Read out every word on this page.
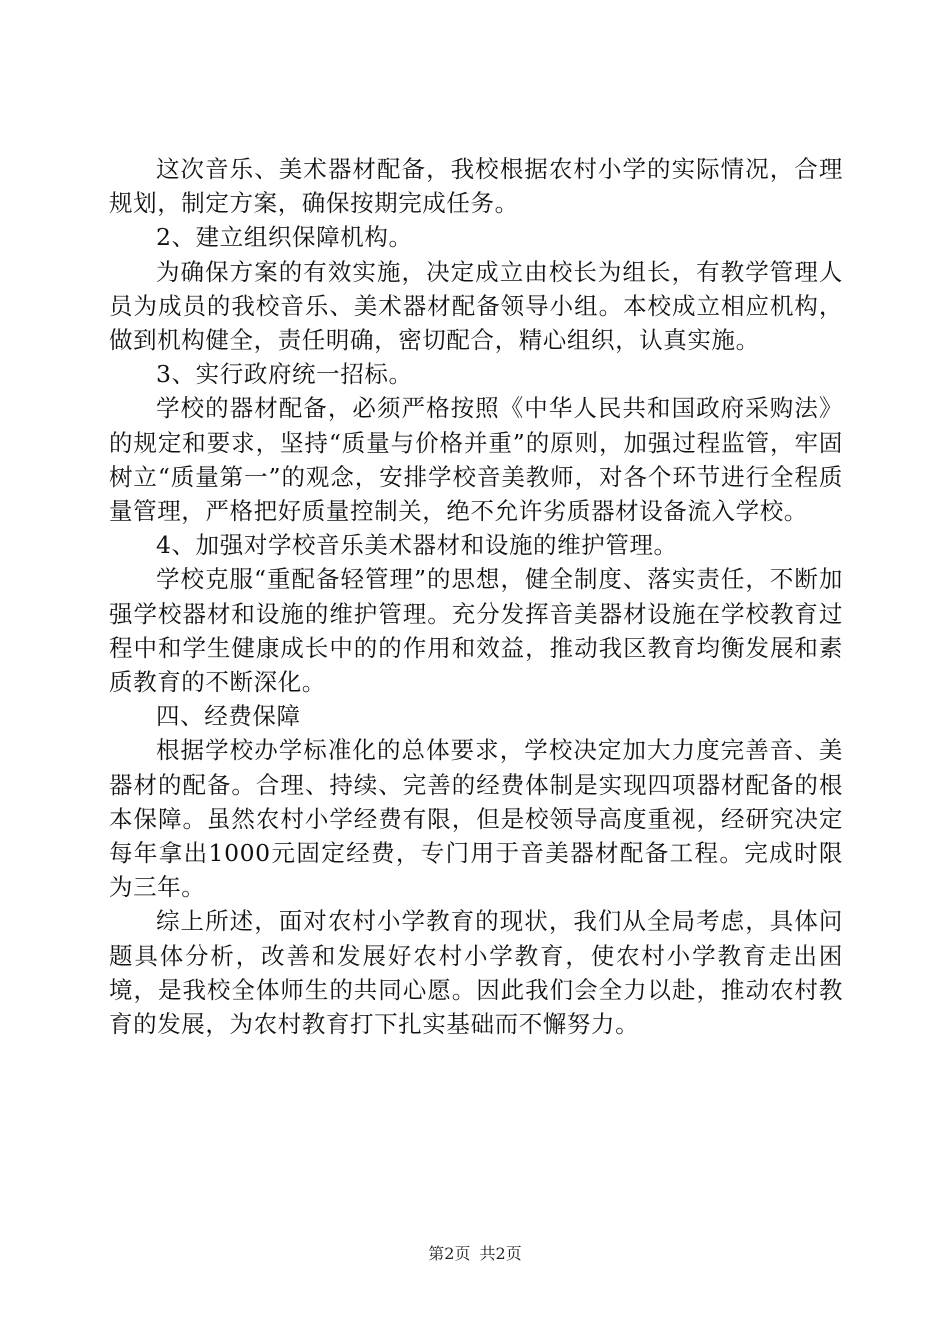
这次音乐、美术器材配备，我校根据农村小学的实际情况，合理规划，制定方案，确保按期完成任务。

2、建立组织保障机构。

为确保方案的有效实施，决定成立由校长为组长，有教学管理人员为成员的我校音乐、美术器材配备领导小组。本校成立相应机构，做到机构健全，责任明确，密切配合，精心组织，认真实施。

3、实行政府统一招标。

学校的器材配备，必须严格按照《中华人民共和国政府采购法》的规定和要求，坚持“质量与价格并重”的原则，加强过程监管，牢固树立“质量第一”的观念，安排学校音美教师，对各个环节进行全程质量管理，严格把好质量控制关，绝不允许劣质器材设备流入学校。

4、加强对学校音乐美术器材和设施的维护管理。

学校克服“重配备轻管理”的思想，健全制度、落实责任，不断加强学校器材和设施的维护管理。充分发挥音美器材设施在学校教育过程中和学生健康成长中的的作用和效益，推动我区教育均衡发展和素质教育的不断深化。

四、经费保障

根据学校办学标准化的总体要求，学校决定加大力度完善音、美器材的配备。合理、持续、完善的经费体制是实现四项器材配备的根本保障。虽然农村小学经费有限，但是校领导高度重视，经研究决定每年拿出1000元固定经费，专门用于音美器材配备工程。完成时限为三年。

综上所述，面对农村小学教育的现状，我们从全局考虑，具体问题具体分析，改善和发展好农村小学教育，使农村小学教育走出困境，是我校全体师生的共同心愿。因此我们会全力以赴，推动农村教育的发展，为农村教育打下扎实基础而不懈努力。

第2页 共2页
